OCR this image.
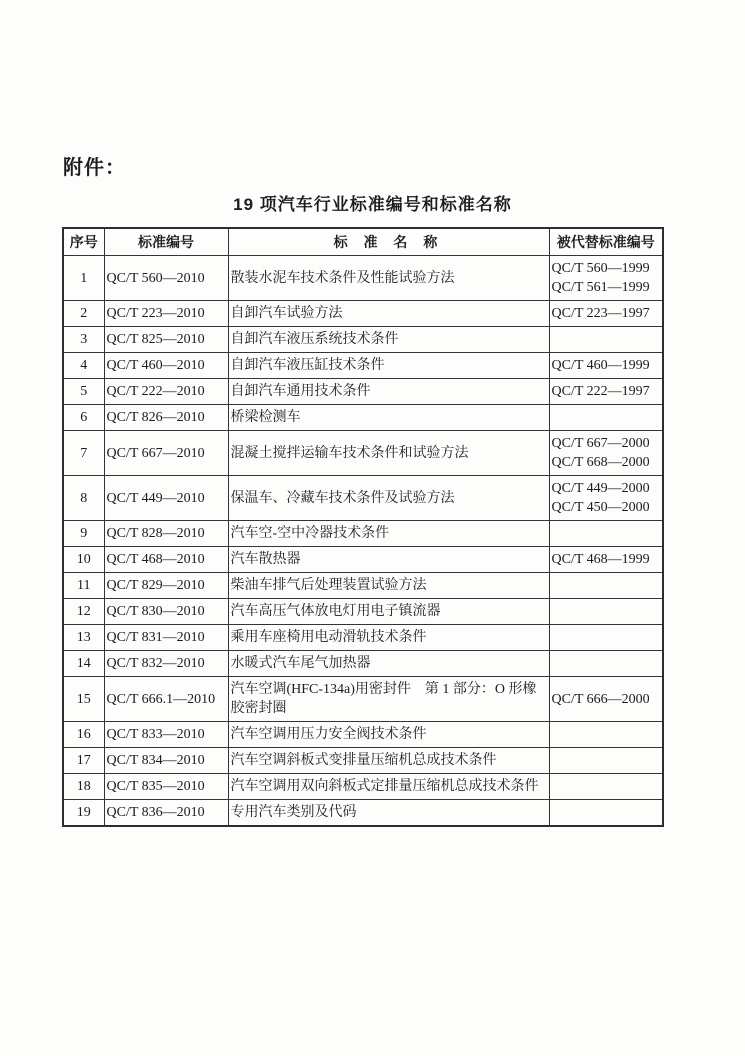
附件：
19 项汽车行业标准编号和标准名称
序号	标准编号	标 准 名 称	被代替标准编号
1	QC/T 560—2010	散装水泥车技术条件及性能试验方法	QC/T 560—1999
QC/T 561—1999

2	QC/T 223—2010	自卸汽车试验方法	QC/T 223—1997

3	QC/T 825—2010	自卸汽车液压系统技术条件	
4	QC/T 460—2010	自卸汽车液压缸技术条件	QC/T 460—1999

5	QC/T 222—2010	自卸汽车通用技术条件	QC/T 222—1997

6	QC/T 826—2010	桥梁检测车	
7	QC/T 667—2010	混凝土搅拌运输车技术条件和试验方法	QC/T 667—2000
QC/T 668—2000

8	QC/T 449—2010	保温车、冷藏车技术条件及试验方法	QC/T 449—2000
QC/T 450—2000

9	QC/T 828—2010	汽车空-空中冷器技术条件	
10	QC/T 468—2010	汽车散热器	QC/T 468—1999

11	QC/T 829—2010	柴油车排气后处理装置试验方法	
12	QC/T 830—2010	汽车高压气体放电灯用电子镇流器	
13	QC/T 831—2010	乘用车座椅用电动滑轨技术条件	
14	QC/T 832—2010	水暖式汽车尾气加热器	
15	QC/T 666.1—2010	汽车空调(HFC-134a)用密封件　第 1 部分：O 形橡胶密封圈	QC/T 666—2000

16	QC/T 833—2010	汽车空调用压力安全阀技术条件	
17	QC/T 834—2010	汽车空调斜板式变排量压缩机总成技术条件	
18	QC/T 835—2010	汽车空调用双向斜板式定排量压缩机总成技术条件	
19	QC/T 836—2010	专用汽车类别及代码	
